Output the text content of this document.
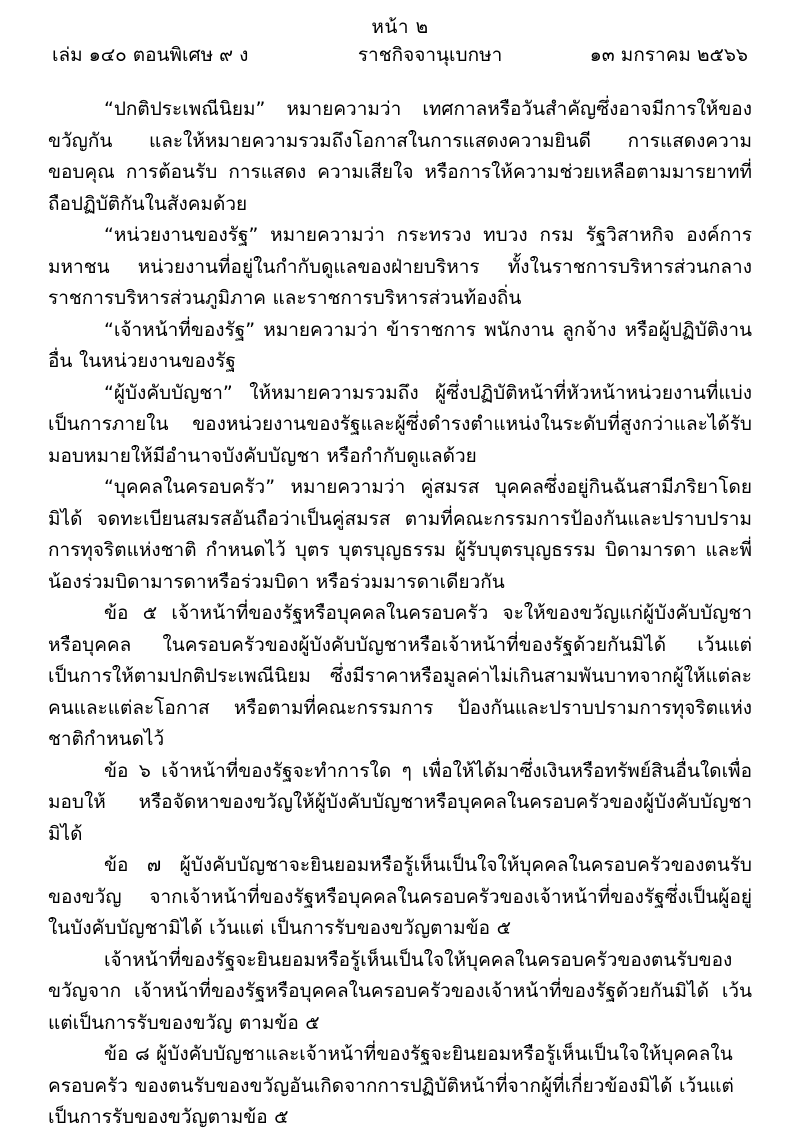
หน้า ๒
เล่ม ๑๔๐ ตอนพิเศษ ๙ ง	ราชกิจจานุเบกษา	๑๓ มกราคม ๒๕๖๖

“ปกติประเพณีนิยม” หมายความว่า เทศกาลหรือวันสำคัญซึ่งอาจมีการให้ของขวัญกัน และให้หมายความรวมถึงโอกาสในการแสดงความยินดี การแสดงความขอบคุณ การต้อนรับ การแสดง ความเสียใจ หรือการให้ความช่วยเหลือตามมารยาทที่ถือปฏิบัติกันในสังคมด้วย

“หน่วยงานของรัฐ” หมายความว่า กระทรวง ทบวง กรม รัฐวิสาหกิจ องค์การมหาชน หน่วยงานที่อยู่ในกำกับดูแลของฝ่ายบริหาร ทั้งในราชการบริหารส่วนกลาง ราชการบริหารส่วนภูมิภาค และราชการบริหารส่วนท้องถิ่น

“เจ้าหน้าที่ของรัฐ” หมายความว่า ข้าราชการ พนักงาน ลูกจ้าง หรือผู้ปฏิบัติงานอื่น ในหน่วยงานของรัฐ

“ผู้บังคับบัญชา” ให้หมายความรวมถึง ผู้ซึ่งปฏิบัติหน้าที่หัวหน้าหน่วยงานที่แบ่งเป็นการภายใน ของหน่วยงานของรัฐและผู้ซึ่งดำรงตำแหน่งในระดับที่สูงกว่าและได้รับมอบหมายให้มีอำนาจบังคับบัญชา หรือกำกับดูแลด้วย

“บุคคลในครอบครัว” หมายความว่า คู่สมรส บุคคลซึ่งอยู่กินฉันสามีภริยาโดยมิได้ จดทะเบียนสมรสอันถือว่าเป็นคู่สมรส ตามที่คณะกรรมการป้องกันและปราบปรามการทุจริตแห่งชาติ กำหนดไว้ บุตร บุตรบุญธรรม ผู้รับบุตรบุญธรรม บิดามารดา และพี่น้องร่วมบิดามารดาหรือร่วมบิดา หรือร่วมมารดาเดียวกัน

ข้อ ๕ เจ้าหน้าที่ของรัฐหรือบุคคลในครอบครัว จะให้ของขวัญแก่ผู้บังคับบัญชาหรือบุคคล ในครอบครัวของผู้บังคับบัญชาหรือเจ้าหน้าที่ของรัฐด้วยกันมิได้ เว้นแต่เป็นการให้ตามปกติประเพณีนิยม ซึ่งมีราคาหรือมูลค่าไม่เกินสามพันบาทจากผู้ให้แต่ละคนและแต่ละโอกาส หรือตามที่คณะกรรมการ ป้องกันและปราบปรามการทุจริตแห่งชาติกำหนดไว้

ข้อ ๖ เจ้าหน้าที่ของรัฐจะทำการใด ๆ เพื่อให้ได้มาซึ่งเงินหรือทรัพย์สินอื่นใดเพื่อมอบให้ หรือจัดหาของขวัญให้ผู้บังคับบัญชาหรือบุคคลในครอบครัวของผู้บังคับบัญชามิได้

ข้อ ๗ ผู้บังคับบัญชาจะยินยอมหรือรู้เห็นเป็นใจให้บุคคลในครอบครัวของตนรับของขวัญ จากเจ้าหน้าที่ของรัฐหรือบุคคลในครอบครัวของเจ้าหน้าที่ของรัฐซึ่งเป็นผู้อยู่ในบังคับบัญชามิได้ เว้นแต่ เป็นการรับของขวัญตามข้อ ๕

เจ้าหน้าที่ของรัฐจะยินยอมหรือรู้เห็นเป็นใจให้บุคคลในครอบครัวของตนรับของขวัญจาก เจ้าหน้าที่ของรัฐหรือบุคคลในครอบครัวของเจ้าหน้าที่ของรัฐด้วยกันมิได้ เว้นแต่เป็นการรับของขวัญ ตามข้อ ๕

ข้อ ๘ ผู้บังคับบัญชาและเจ้าหน้าที่ของรัฐจะยินยอมหรือรู้เห็นเป็นใจให้บุคคลในครอบครัว ของตนรับของขวัญอันเกิดจากการปฏิบัติหน้าที่จากผู้ที่เกี่ยวข้องมิได้ เว้นแต่เป็นการรับของขวัญตามข้อ ๕
